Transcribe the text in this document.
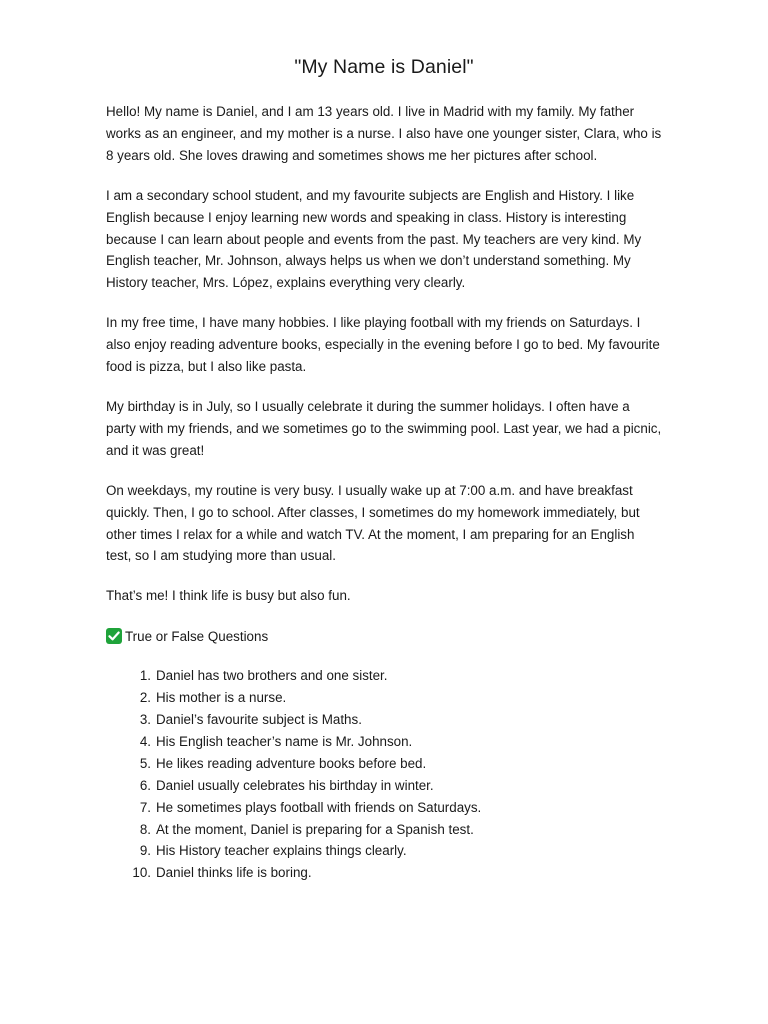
"My Name is Daniel"

Hello! My name is Daniel, and I am 13 years old. I live in Madrid with my family. My father works as an engineer, and my mother is a nurse. I also have one younger sister, Clara, who is 8 years old. She loves drawing and sometimes shows me her pictures after school.

I am a secondary school student, and my favourite subjects are English and History. I like English because I enjoy learning new words and speaking in class. History is interesting because I can learn about people and events from the past. My teachers are very kind. My English teacher, Mr. Johnson, always helps us when we don’t understand something. My History teacher, Mrs. López, explains everything very clearly.

In my free time, I have many hobbies. I like playing football with my friends on Saturdays. I also enjoy reading adventure books, especially in the evening before I go to bed. My favourite food is pizza, but I also like pasta.

My birthday is in July, so I usually celebrate it during the summer holidays. I often have a party with my friends, and we sometimes go to the swimming pool. Last year, we had a picnic, and it was great!

On weekdays, my routine is very busy. I usually wake up at 7:00 a.m. and have breakfast quickly. Then, I go to school. After classes, I sometimes do my homework immediately, but other times I relax for a while and watch TV. At the moment, I am preparing for an English test, so I am studying more than usual.

That’s me! I think life is busy but also fun.

True or False Questions
1. Daniel has two brothers and one sister.
2. His mother is a nurse.
3. Daniel’s favourite subject is Maths.
4. His English teacher’s name is Mr. Johnson.
5. He likes reading adventure books before bed.
6. Daniel usually celebrates his birthday in winter.
7. He sometimes plays football with friends on Saturdays.
8. At the moment, Daniel is preparing for a Spanish test.
9. His History teacher explains things clearly.
10. Daniel thinks life is boring.
